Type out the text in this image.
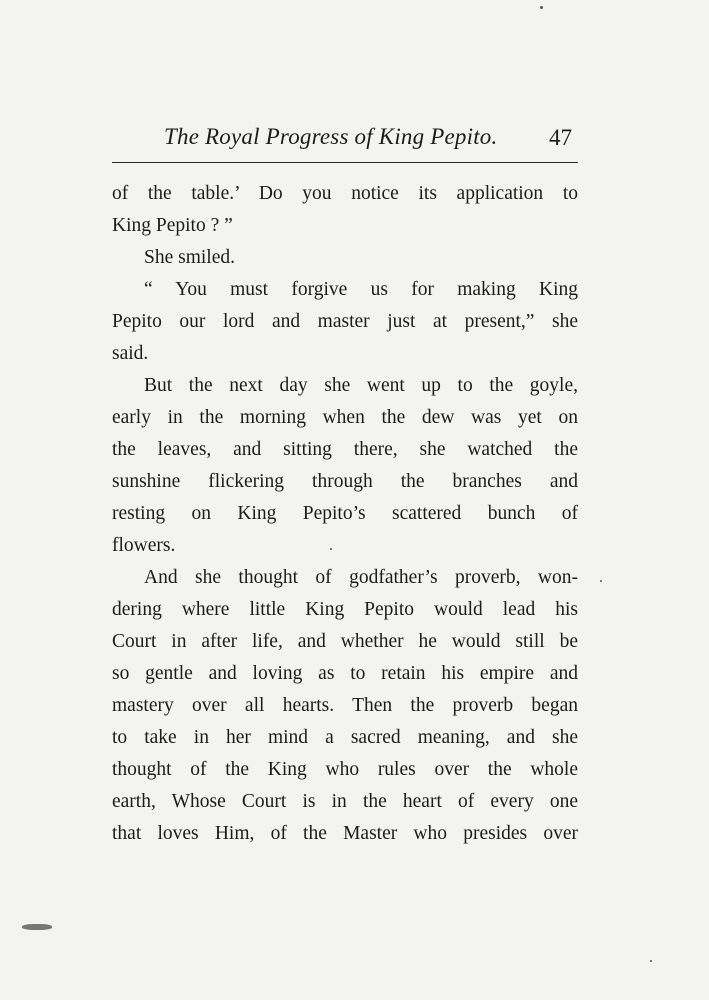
The Royal Progress of King Pepito. 47
of the table.’ Do you notice its application to
King Pepito ? ”
She smiled.
“ You must forgive us for making King
Pepito our lord and master just at present,” she
said.
But the next day she went up to the goyle,
early in the morning when the dew was yet on
the leaves, and sitting there, she watched the
sunshine flickering through the branches and
resting on King Pepito’s scattered bunch of
flowers.
And she thought of godfather’s proverb, won-
dering where little King Pepito would lead his
Court in after life, and whether he would still be
so gentle and loving as to retain his empire and
mastery over all hearts. Then the proverb began
to take in her mind a sacred meaning, and she
thought of the King who rules over the whole
earth, Whose Court is in the heart of every one
that loves Him, of the Master who presides over
